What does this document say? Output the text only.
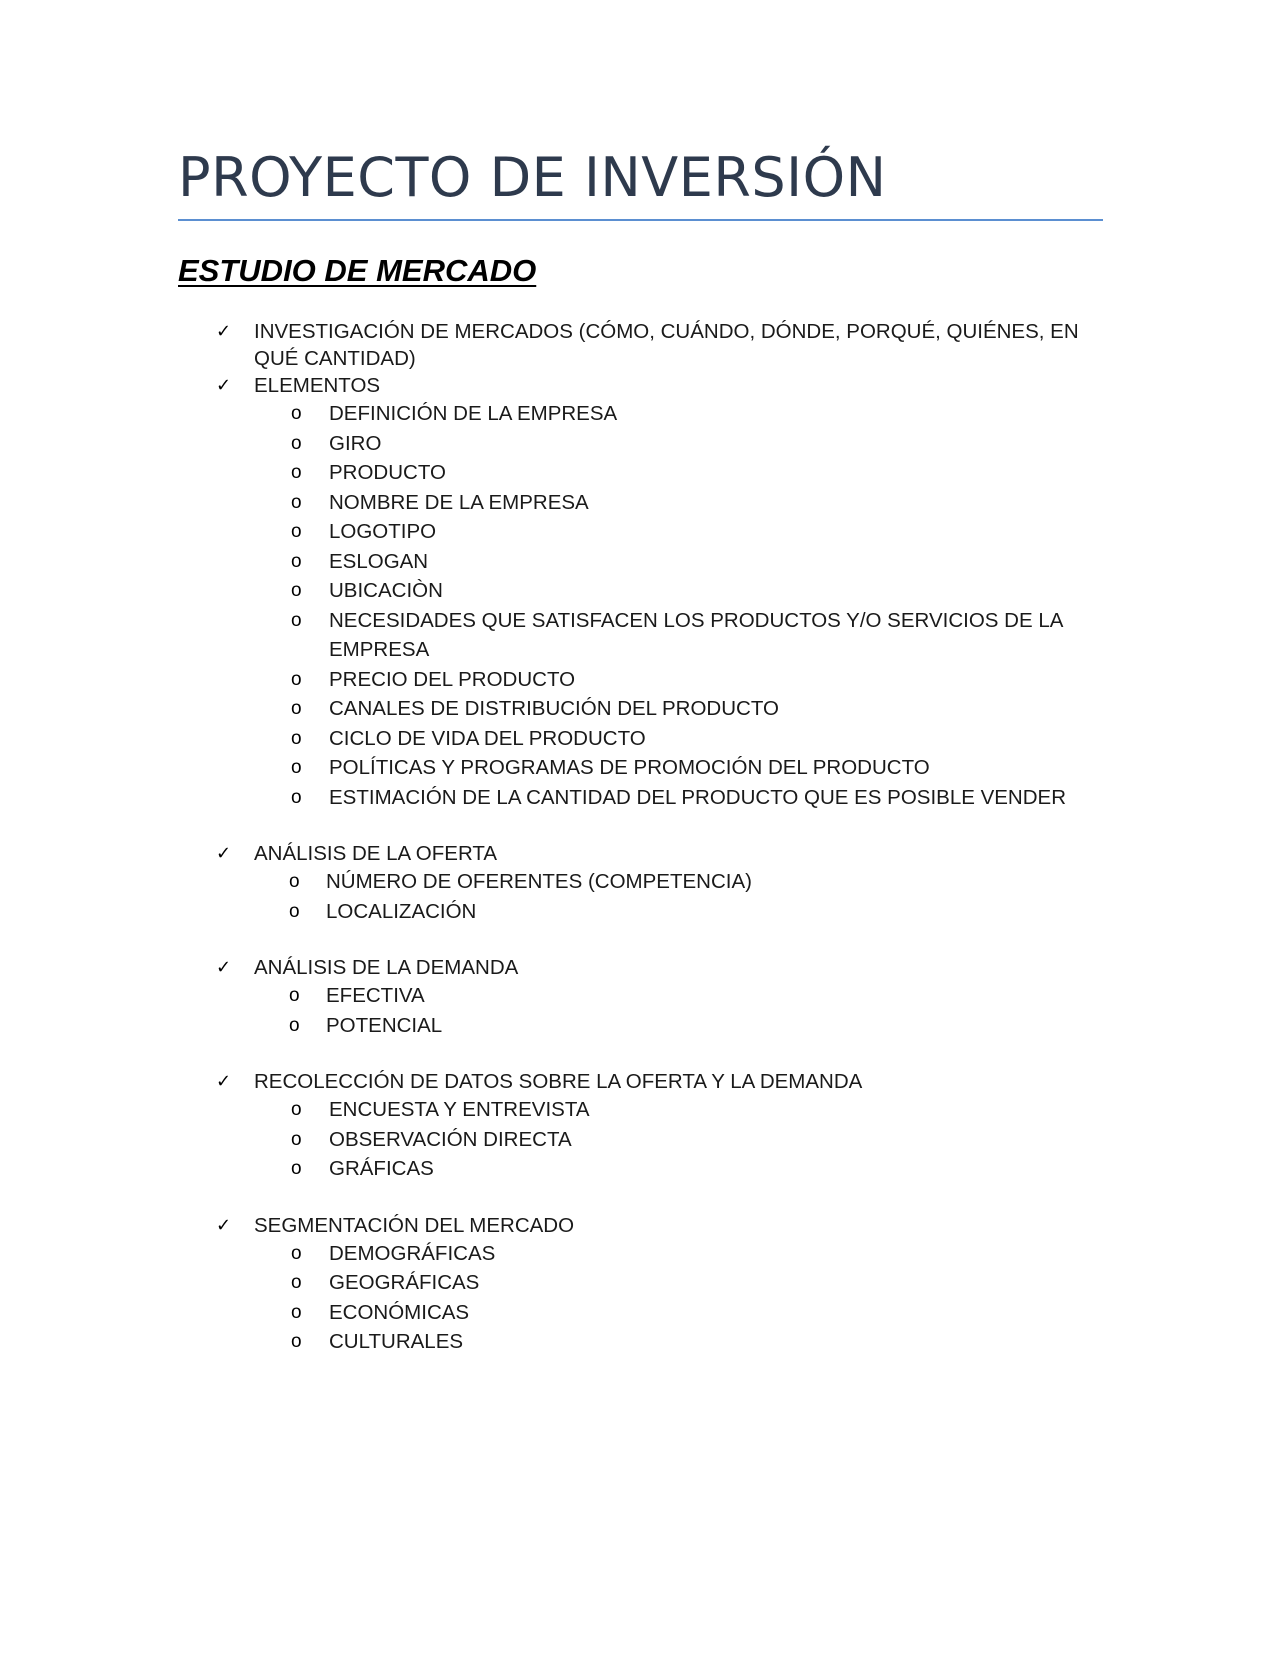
PROYECTO DE INVERSIÓN
ESTUDIO DE MERCADO
✓ INVESTIGACIÓN DE MERCADOS (CÓMO, CUÁNDO, DÓNDE, PORQUÉ, QUIÉNES, EN QUÉ CANTIDAD)
✓ ELEMENTOS
o DEFINICIÓN DE LA EMPRESA
o GIRO
o PRODUCTO
o NOMBRE DE LA EMPRESA
o LOGOTIPO
o ESLOGAN
o UBICACIÒN
o NECESIDADES QUE SATISFACEN LOS PRODUCTOS Y/O SERVICIOS DE LA EMPRESA
o PRECIO DEL PRODUCTO
o CANALES DE DISTRIBUCIÓN DEL PRODUCTO
o CICLO DE VIDA DEL PRODUCTO
o POLÍTICAS Y PROGRAMAS DE PROMOCIÓN DEL PRODUCTO
o ESTIMACIÓN DE LA CANTIDAD DEL PRODUCTO QUE ES POSIBLE VENDER
✓ ANÁLISIS DE LA OFERTA
o NÚMERO DE OFERENTES (COMPETENCIA)
o LOCALIZACIÓN
✓ ANÁLISIS DE LA DEMANDA
o EFECTIVA
o POTENCIAL
✓ RECOLECCIÓN DE DATOS SOBRE LA OFERTA Y LA DEMANDA
o ENCUESTA Y ENTREVISTA
o OBSERVACIÓN DIRECTA
o GRÁFICAS
✓ SEGMENTACIÓN DEL MERCADO
o DEMOGRÁFICAS
o GEOGRÁFICAS
o ECONÓMICAS
o CULTURALES
